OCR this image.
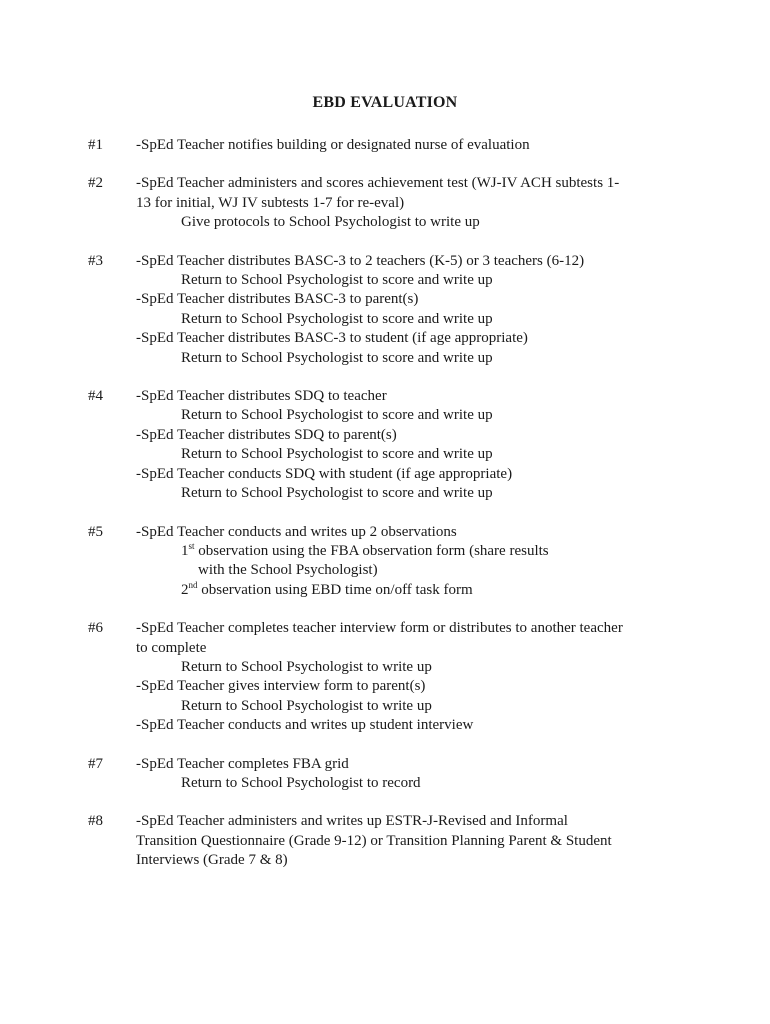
EBD EVALUATION
#1	-SpEd Teacher notifies building or designated nurse of evaluation
#2	-SpEd Teacher administers and scores achievement test (WJ-IV ACH subtests 1-
13 for initial, WJ IV subtests 1-7 for re-eval)
Give protocols to School Psychologist to write up
#3	-SpEd Teacher distributes BASC-3 to 2 teachers (K-5) or 3 teachers (6-12)
Return to School Psychologist to score and write up
-SpEd Teacher distributes BASC-3 to parent(s)
Return to School Psychologist to score and write up
-SpEd Teacher distributes BASC-3 to student (if age appropriate)
Return to School Psychologist to score and write up
#4	-SpEd Teacher distributes SDQ to teacher
Return to School Psychologist to score and write up
-SpEd Teacher distributes SDQ to parent(s)
Return to School Psychologist to score and write up
-SpEd Teacher conducts SDQ with student (if age appropriate)
Return to School Psychologist to score and write up
#5	-SpEd Teacher conducts and writes up 2 observations
1st observation using the FBA observation form (share results
with the School Psychologist)
2nd observation using EBD time on/off task form
#6	-SpEd Teacher completes teacher interview form or distributes to another teacher
to complete
Return to School Psychologist to write up
-SpEd Teacher gives interview form to parent(s)
Return to School Psychologist to write up
-SpEd Teacher conducts and writes up student interview
#7	-SpEd Teacher completes FBA grid
Return to School Psychologist to record
#8	-SpEd Teacher administers and writes up ESTR-J-Revised and Informal
Transition Questionnaire (Grade 9-12) or Transition Planning Parent & Student
Interviews (Grade 7 & 8)
